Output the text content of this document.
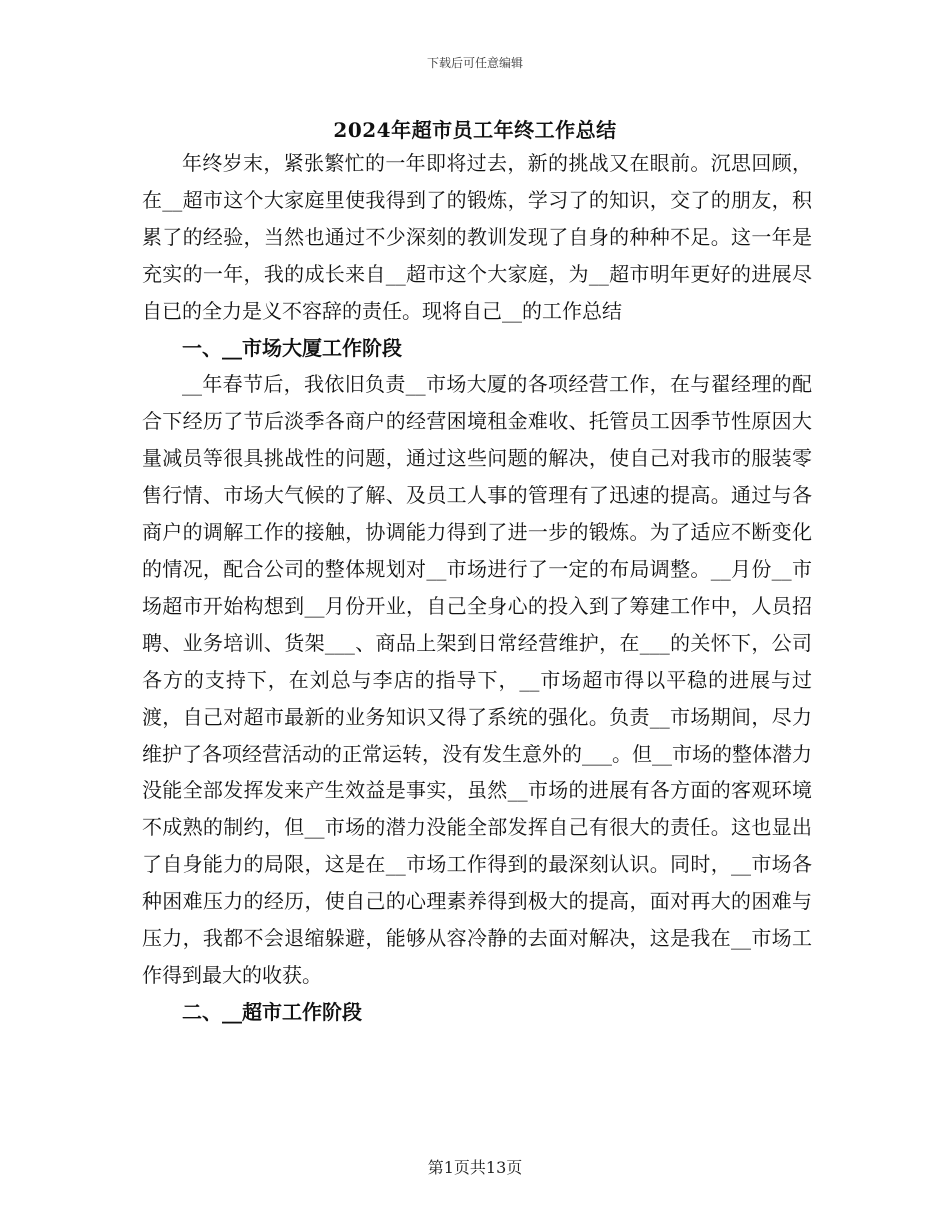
下载后可任意编辑
2024年超市员工年终工作总结

年终岁末，紧张繁忙的一年即将过去，新的挑战又在眼前。沉思回顾，在__超市这个大家庭里使我得到了的锻炼，学习了的知识，交了的朋友，积累了的经验，当然也通过不少深刻的教训发现了自身的种种不足。这一年是充实的一年，我的成长来自__超市这个大家庭，为__超市明年更好的进展尽自已的全力是义不容辞的责任。现将自己__的工作总结

一、__市场大厦工作阶段

__年春节后，我依旧负责__市场大厦的各项经营工作，在与翟经理的配合下经历了节后淡季各商户的经营困境租金难收、托管员工因季节性原因大量减员等很具挑战性的问题，通过这些问题的解决，使自己对我市的服装零售行情、市场大气候的了解、及员工人事的管理有了迅速的提高。通过与各商户的调解工作的接触，协调能力得到了进一步的锻炼。为了适应不断变化的情况，配合公司的整体规划对__市场进行了一定的布局调整。__月份__市场超市开始构想到__月份开业，自己全身心的投入到了筹建工作中，人员招聘、业务培训、货架___、商品上架到日常经营维护，在___的关怀下，公司各方的支持下，在刘总与李店的指导下，__市场超市得以平稳的进展与过渡，自己对超市最新的业务知识又得了系统的强化。负责__市场期间，尽力维护了各项经营活动的正常运转，没有发生意外的___。但__市场的整体潜力没能全部发挥发来产生效益是事实，虽然__市场的进展有各方面的客观环境不成熟的制约，但__市场的潜力没能全部发挥自己有很大的责任。这也显出了自身能力的局限，这是在__市场工作得到的最深刻认识。同时，__市场各种困难压力的经历，使自己的心理素养得到极大的提高，面对再大的困难与压力，我都不会退缩躲避，能够从容冷静的去面对解决，这是我在__市场工作得到最大的收获。

二、__超市工作阶段
第1页共13页
